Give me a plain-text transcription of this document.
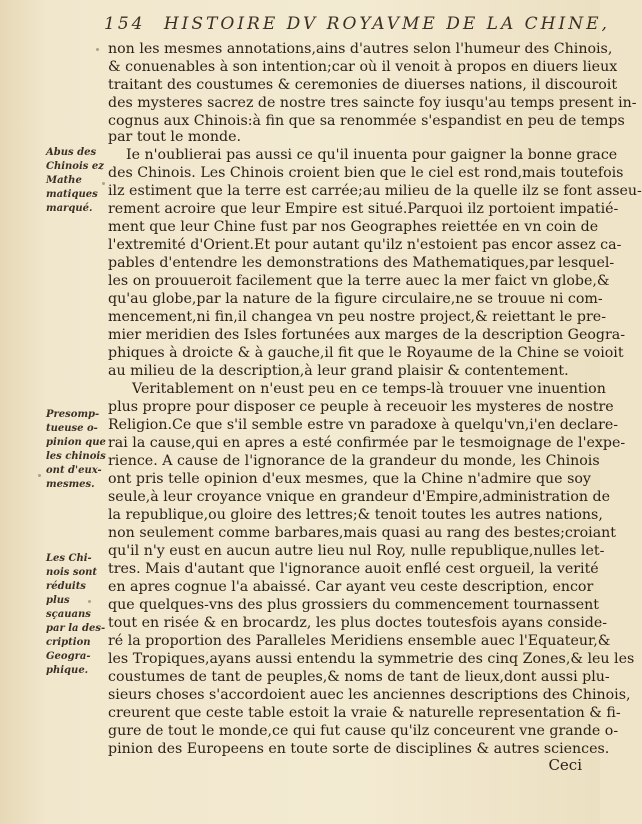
154 HISTOIRE DV ROYAVME DE LA CHINE,
Abus des Chinois ez Mathe matiques marqué.
Presomp-tueuse o-pinion que les chinois ont d'eux-mesmes.
Les Chi-nois sont réduits plus sçauans par la des-cription Geogra-phique.
non les mesmes annotations,ains d'autres selon l'humeur des Chinois,
& conuenables à son intention;car où il venoit à propos en diuers lieux
traitant des coustumes & ceremonies de diuerses nations, il discouroit
des mysteres sacrez de nostre tres saincte foy iusqu'au temps present in-
cognus aux Chinois:à fin que sa renommée s'espandist en peu de temps
par tout le monde.
Ie n'oublierai pas aussi ce qu'il inuenta pour gaigner la bonne grace
des Chinois. Les Chinois croient bien que le ciel est rond,mais toutefois
ilz estiment que la terre est carrée;au milieu de la quelle ilz se font asseu-
rement acroire que leur Empire est situé.Parquoi ilz portoient impatié-
ment que leur Chine fust par nos Geographes reiettée en vn coin de
l'extremité d'Orient.Et pour autant qu'ilz n'estoient pas encor assez ca-
pables d'entendre les demonstrations des Mathematiques,par lesquel-
les on prouueroit facilement que la terre auec la mer faict vn globe,&
qu'au globe,par la nature de la figure circulaire,ne se trouue ni com-
mencement,ni fin,il changea vn peu nostre project,& reiettant le pre-
mier meridien des Isles fortunées aux marges de la description Geogra-
phiques à droicte & à gauche,il fit que le Royaume de la Chine se voioit
au milieu de la description,à leur grand plaisir & contentement.
Veritablement on n'eust peu en ce temps-là trouuer vne inuention
plus propre pour disposer ce peuple à receuoir les mysteres de nostre
Religion.Ce que s'il semble estre vn paradoxe à quelqu'vn,i'en declare-
rai la cause,qui en apres a esté confirmée par le tesmoignage de l'expe-
rience. A cause de l'ignorance de la grandeur du monde, les Chinois
ont pris telle opinion d'eux mesmes, que la Chine n'admire que soy
seule,à leur croyance vnique en grandeur d'Empire,administration de
la republique,ou gloire des lettres;& tenoit toutes les autres nations,
non seulement comme barbares,mais quasi au rang des bestes;croiant
qu'il n'y eust en aucun autre lieu nul Roy, nulle republique,nulles let-
tres. Mais d'autant que l'ignorance auoit enflé cest orgueil, la verité
en apres cognue l'a abaissé. Car ayant veu ceste description, encor
que quelques-vns des plus grossiers du commencement tournassent
tout en risée & en brocardz, les plus doctes toutesfois ayans conside-
ré la proportion des Paralleles Meridiens ensemble auec l'Equateur,&
les Tropiques,ayans aussi entendu la symmetrie des cinq Zones,& leu les
coustumes de tant de peuples,& noms de tant de lieux,dont aussi plu-
sieurs choses s'accordoient auec les anciennes descriptions des Chinois,
creurent que ceste table estoit la vraie & naturelle representation & fi-
gure de tout le monde,ce qui fut cause qu'ilz conceurent vne grande o-
pinion des Europeens en toute sorte de disciplines & autres sciences.
Ceci
